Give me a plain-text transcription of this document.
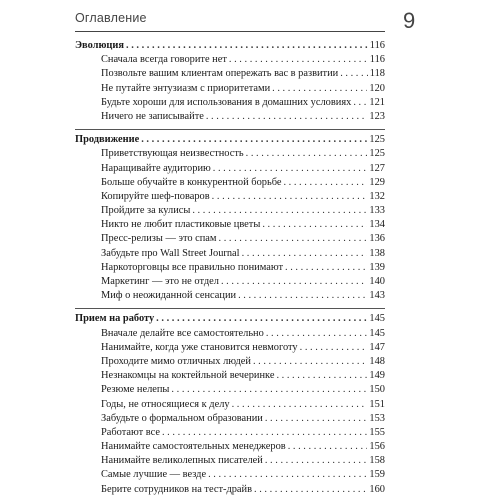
Оглавление	9
Эволюция . . .	116
Сначала всегда говорите нет . . .	116
Позвольте вашим клиентам опережать вас в развитии . . .	118
Не путайте энтузиазм с приоритетами . . .	120
Будьте хороши для использования в домашних условиях . . . 121
Ничего не записывайте . . .	123
Продвижение . . .	125
Приветствующая неизвестность . . .	125
Наращивайте аудиторию . . .	127
Больше обучайте в конкурентной борьбе . . .	129
Копируйте шеф-поваров . . .	132
Пройдите за кулисы . . .	133
Никто не любит пластиковые цветы . . .	134
Пресс-релизы — это спам . . .	136
Забудьте про Wall Street Journal . . .	138
Наркоторговцы все правильно понимают . . .	139
Маркетинг — это не отдел . . .	140
Миф о неожиданной сенсации . . .	143
Прием на работу . . .	145
Вначале делайте все самостоятельно . . .	145
Нанимайте, когда уже становится невмоготу . . .	147
Проходите мимо отличных людей . . .	148
Незнакомцы на коктейльной вечеринке . . .	149
Резюме нелепы . . .	150
Годы, не относящиеся к делу . . .	151
Забудьте о формальном образовании . . .	153
Работают все . . .	155
Нанимайте самостоятельных менеджеров . . .	156
Нанимайте великолепных писателей . . .	158
Самые лучшие — везде . . .	159
Берите сотрудников на тест-драйв . . .	160
